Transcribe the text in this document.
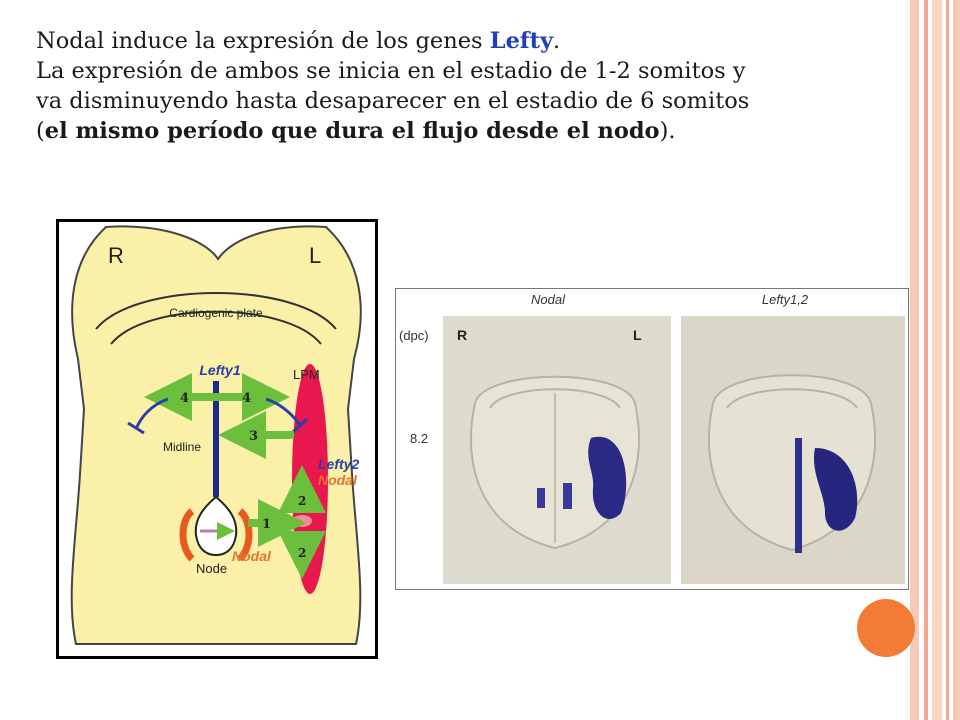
Nodal induce la expresión de los genes Lefty.

La expresión de ambos se inicia en el estadio de 1-2 somitos y

va disminuyendo hasta desaparecer en el estadio de 6 somitos

(el mismo período que dura el flujo desde el nodo).

R	L
Cardiogenic plate
LPM
Midline
Lefty1
4	4
3
Lefty2
Nodal
2
2
1
Nodal
Node
Nodal	Lefty1,2
(dpc)
8.2
R	L
